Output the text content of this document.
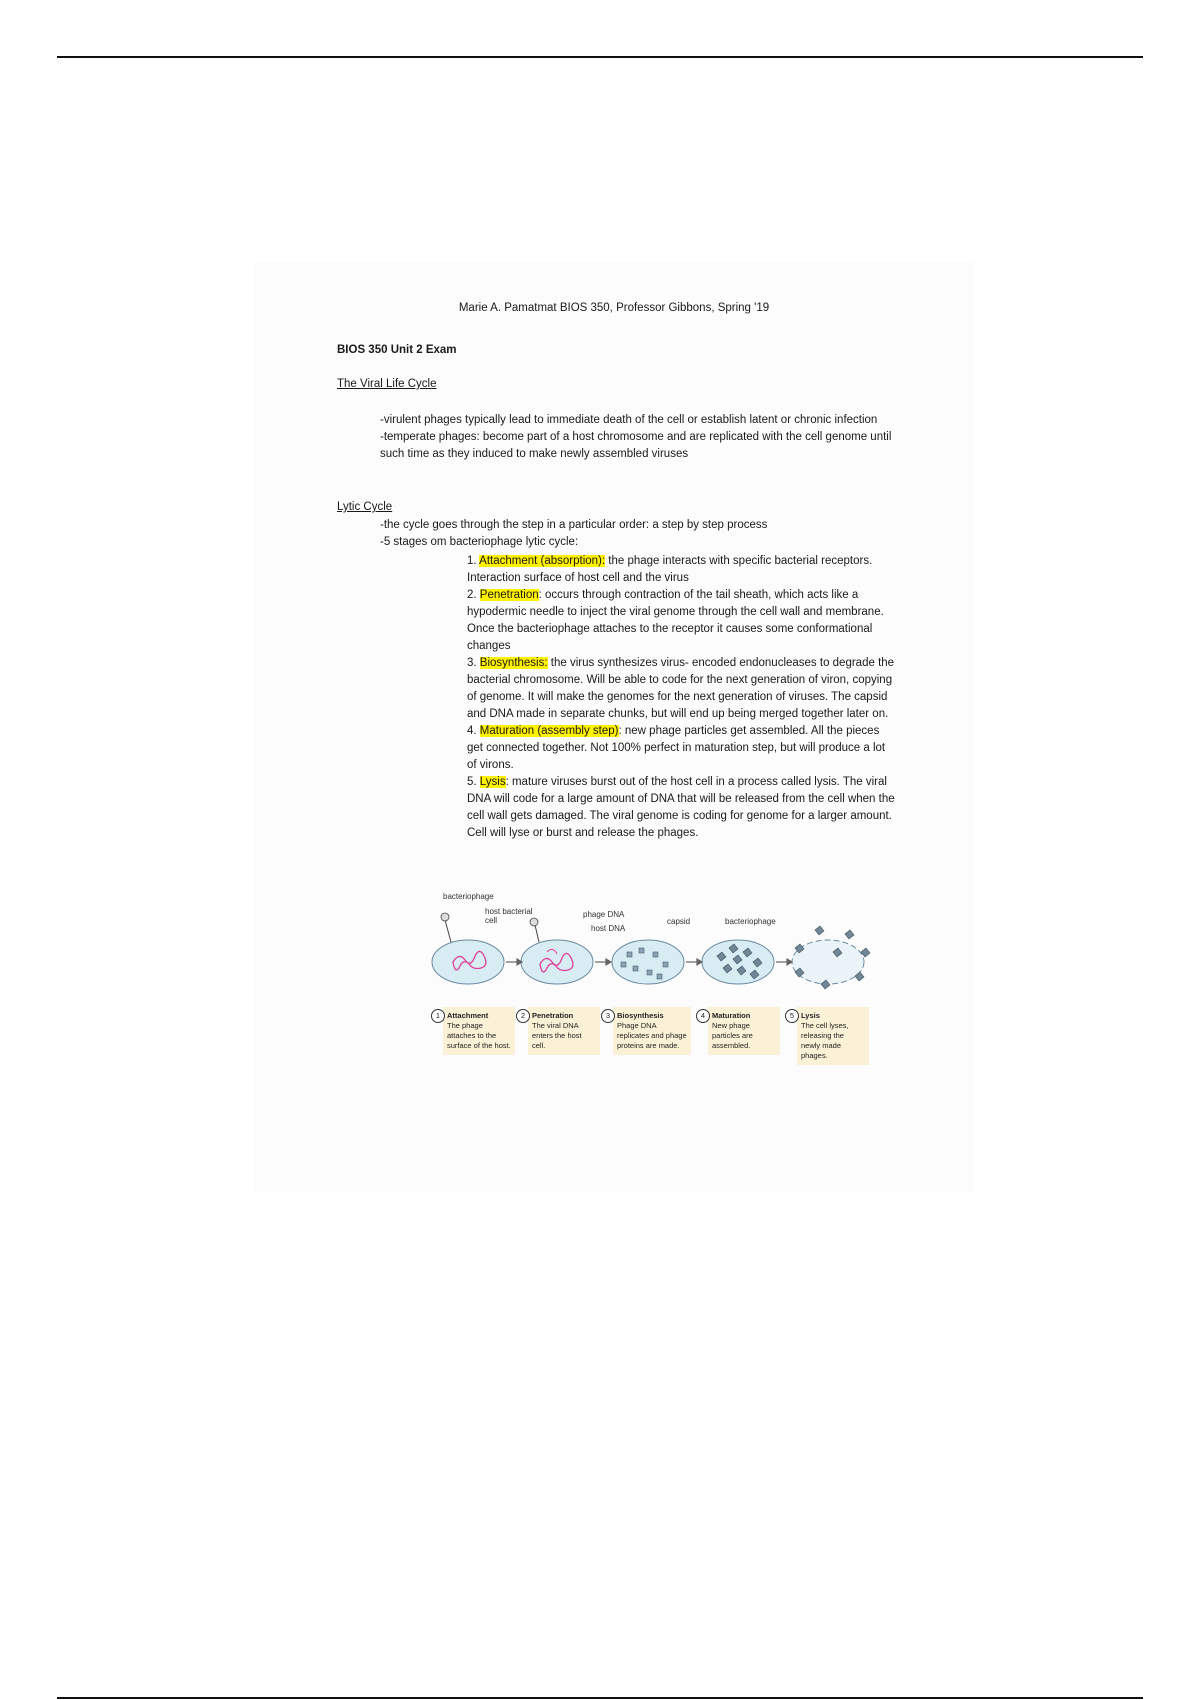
Marie A. Pamatmat BIOS 350, Professor Gibbons, Spring '19
BIOS 350 Unit 2 Exam
The Viral Life Cycle
-virulent phages typically lead to immediate death of the cell or establish latent or chronic infection
-temperate phages: become part of a host chromosome and are replicated with the cell genome until such time as they induced to make newly assembled viruses
Lytic Cycle
-the cycle goes through the step in a particular order: a step by step process
-5 stages om bacteriophage lytic cycle:

1. Attachment (absorption): the phage interacts with specific bacterial receptors. Interaction surface of host cell and the virus

2. Penetration: occurs through contraction of the tail sheath, which acts like a hypodermic needle to inject the viral genome through the cell wall and membrane. Once the bacteriophage attaches to the receptor it causes some conformational changes

3. Biosynthesis: the virus synthesizes virus- encoded endonucleases to degrade the bacterial chromosome. Will be able to code for the next generation of viron, copying of genome. It will make the genomes for the next generation of viruses. The capsid and DNA made in separate chunks, but will end up being merged together later on.

4. Maturation (assembly step): new phage particles get assembled. All the pieces get connected together. Not 100% perfect in maturation step, but will produce a lot of virons.

5. Lysis: mature viruses burst out of the host cell in a process called lysis. The viral DNA will code for a large amount of DNA that will be released from the cell when the cell wall gets damaged. The viral genome is coding for genome for a larger amount. Cell will lyse or burst and release the phages.

bacteriophage
host bacterial cell
phage DNA
host DNA
capsid	bacteriophage
1 Attachment
The phage attaches to the surface of the host.
2 Penetration
The viral DNA enters the host cell.
3 Biosynthesis
Phage DNA replicates and phage proteins are made.
4 Maturation
New phage particles are assembled.
5 Lysis
The cell lyses, releasing the newly made phages.
